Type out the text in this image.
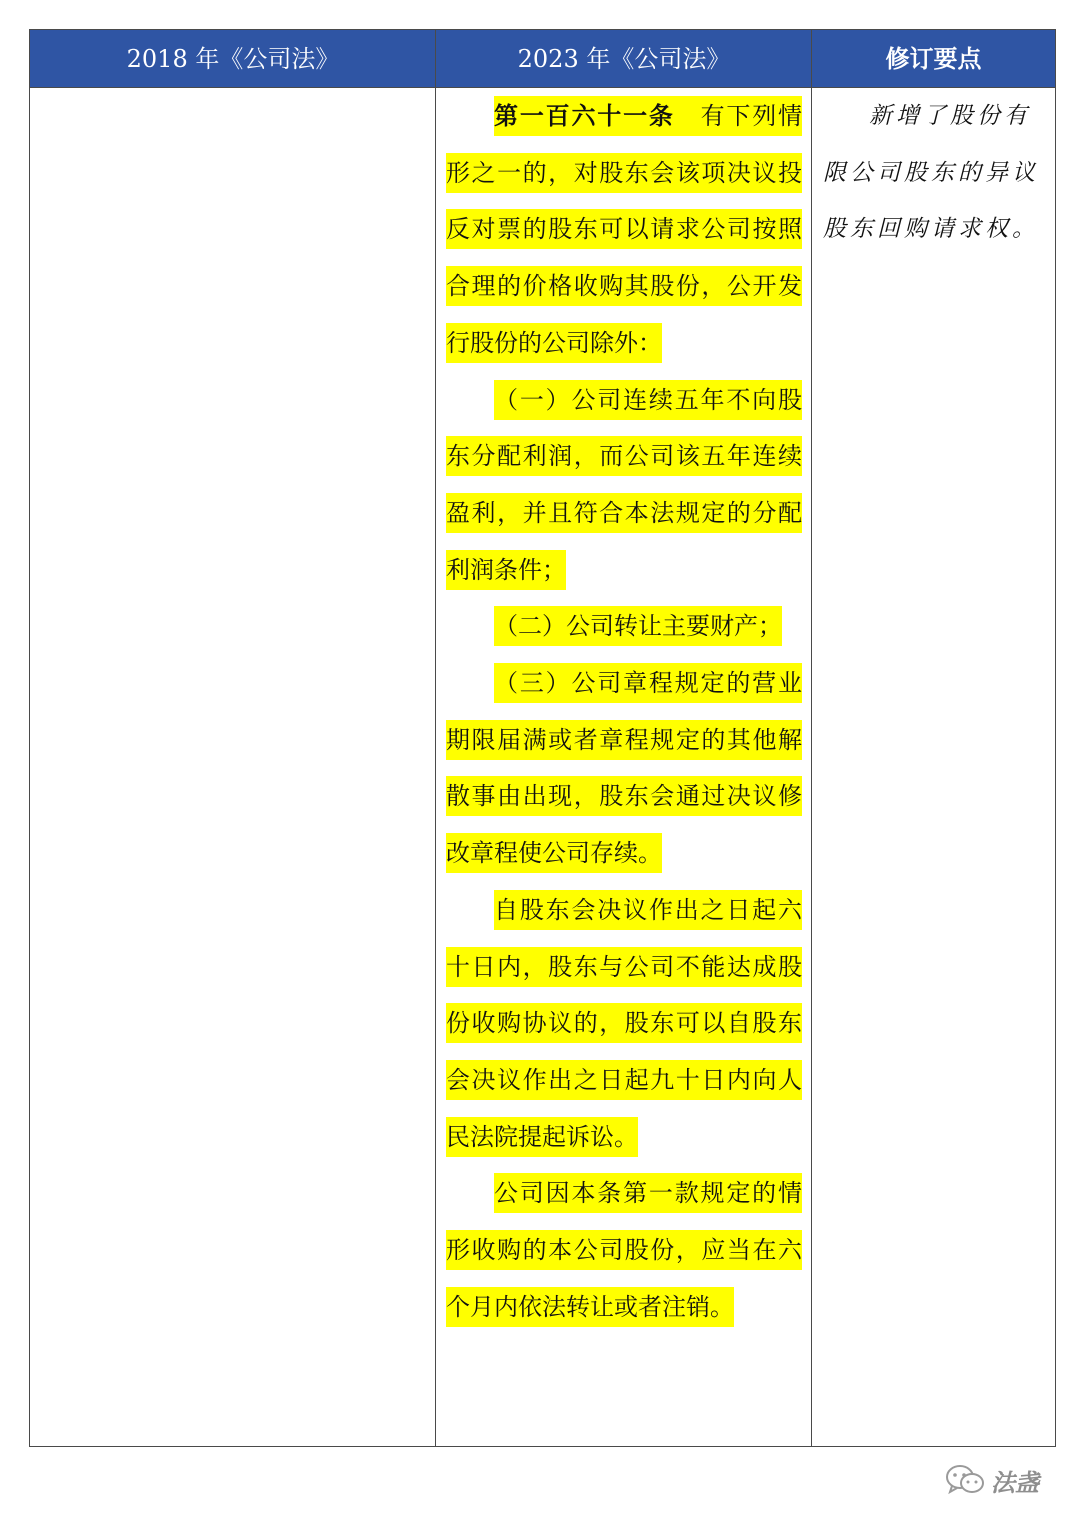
2018 年《公司法》	2023 年《公司法》	修订要点

第一百六十一条　 有下列情形之一的，对股东会该项决议投反对票的股东可以请求公司按照合理的价格收购其股份，公开发行股份的公司除外：

（一）公司连续五年不向股东分配利润，而公司该五年连续盈利，并且符合本法规定的分配利润条件；

（二）公司转让主要财产；

（三）公司章程规定的营业期限届满或者章程规定的其他解散事由出现，股东会通过决议修改章程使公司存续。

自股东会决议作出之日起六十日内，股东与公司不能达成股份收购协议的，股东可以自股东会决议作出之日起九十日内向人民法院提起诉讼。

公司因本条第一款规定的情形收购的本公司股份，应当在六个月内依法转让或者注销。

新增了股份有限公司股东的异议股东回购请求权。

法盏
